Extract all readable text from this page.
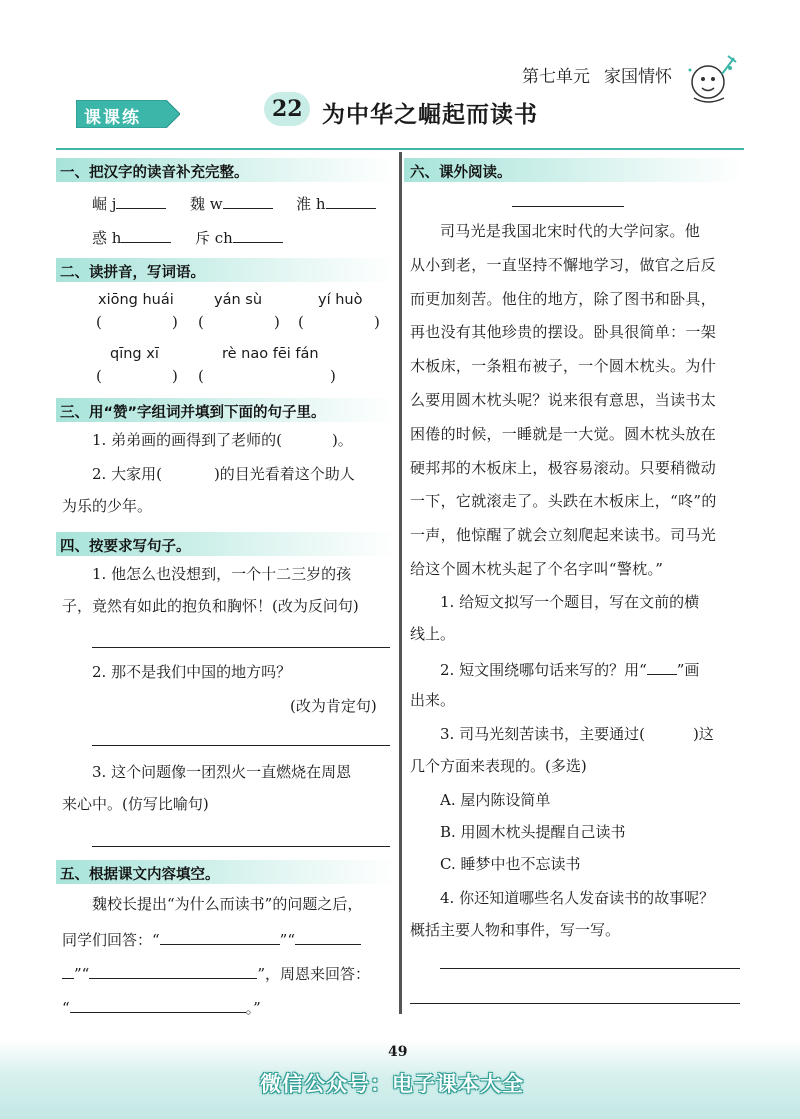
第七单元 家国情怀
课课练	22 为中华之崛起而读书
一、把汉字的读音补充完整。
崛 j	魏 w	淮 h
惑 h	斥 ch
二、读拼音，写词语。
xiōng huái	yán sù	yí huò
(	) (	) (	)
qīng xī	rè nao fēi fán
(	) (	)
三、用“赞”字组词并填到下面的句子里。
1. 弟弟画的画得到了老师的(	)。
2. 大家用(	)的目光看着这个助人
为乐的少年。
四、按要求写句子。
1. 他怎么也没想到，一个十二三岁的孩
子，竟然有如此的抱负和胸怀！(改为反问句)
2. 那不是我们中国的地方吗？
(改为肯定句)
3. 这个问题像一团烈火一直燃烧在周恩
来心中。(仿写比喻句)
五、根据课文内容填空。
魏校长提出“为什么而读书”的问题之后，
同学们回答：“	”“
”“	”，周恩来回答：
“	。”
六、课外阅读。
司马光是我国北宋时代的大学问家。他
从小到老，一直坚持不懈地学习，做官之后反
而更加刻苦。他住的地方，除了图书和卧具，
再也没有其他珍贵的摆设。卧具很简单：一架
木板床，一条粗布被子，一个圆木枕头。为什
么要用圆木枕头呢？说来很有意思，当读书太
困倦的时候，一睡就是一大觉。圆木枕头放在
硬邦邦的木板床上，极容易滚动。只要稍微动
一下，它就滚走了。头跌在木板床上，“咚”的
一声，他惊醒了就会立刻爬起来读书。司马光
给这个圆木枕头起了个名字叫“警枕。”
1. 给短文拟写一个题目，写在文前的横
线上。
2. 短文围绕哪句话来写的？用“ ”画
出来。
3. 司马光刻苦读书，主要通过(	)这
几个方面来表现的。(多选)
A. 屋内陈设简单
B. 用圆木枕头提醒自己读书
C. 睡梦中也不忘读书
4. 你还知道哪些名人发奋读书的故事呢？
概括主要人物和事件，写一写。
49
微信公众号：电子课本大全
